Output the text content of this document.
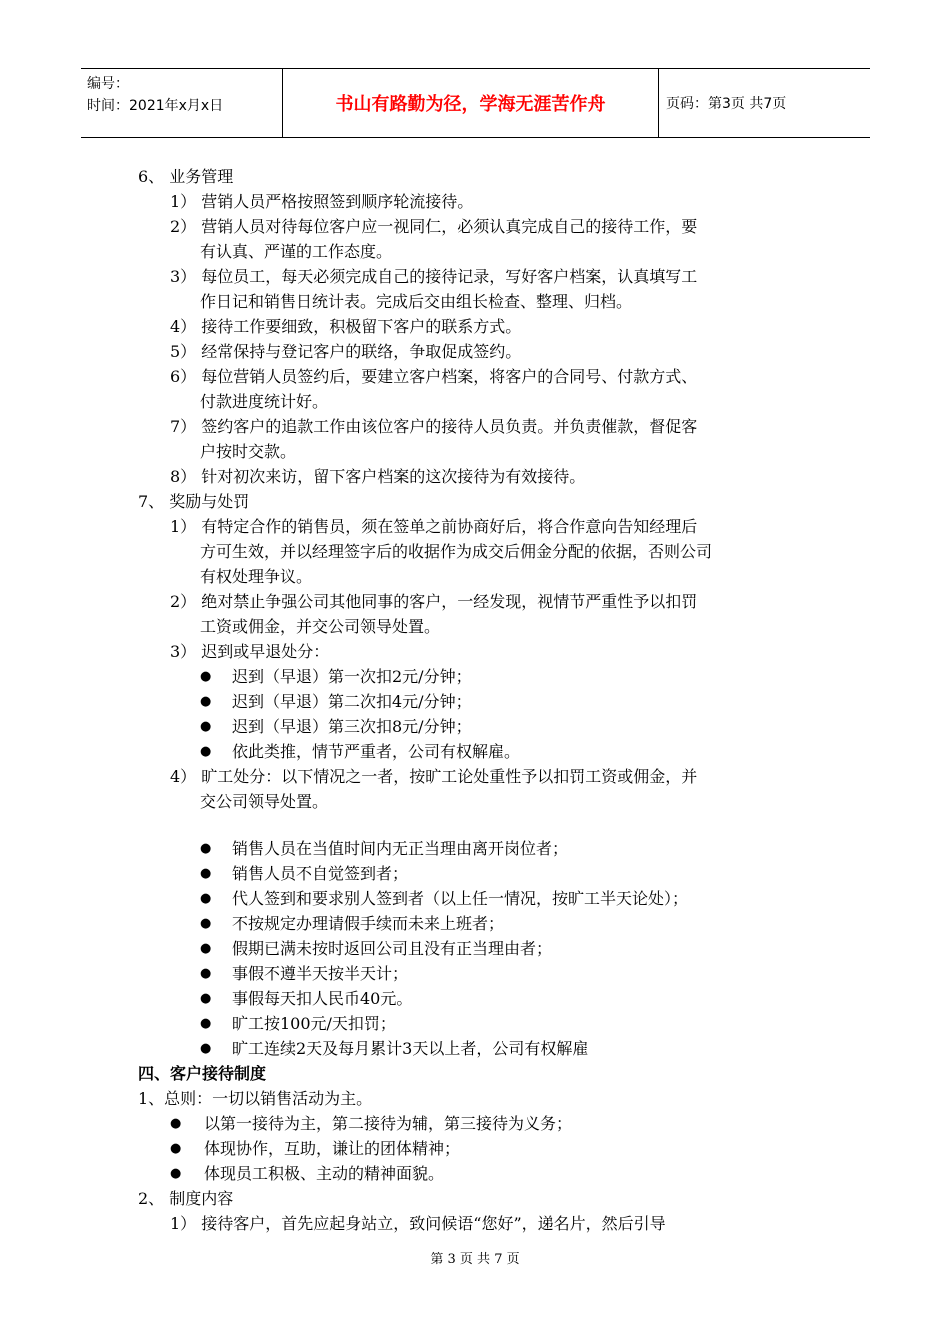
编号：
时间：2021年x月x日	书山有路勤为径，学海无涯苦作舟	页码：第3页 共7页
6、 业务管理
1） 营销人员严格按照签到顺序轮流接待。
2） 营销人员对待每位客户应一视同仁，必须认真完成自己的接待工作，要
有认真、严谨的工作态度。
3） 每位员工，每天必须完成自己的接待记录，写好客户档案，认真填写工
作日记和销售日统计表。完成后交由组长检查、整理、归档。
4） 接待工作要细致，积极留下客户的联系方式。
5） 经常保持与登记客户的联络，争取促成签约。
6） 每位营销人员签约后，要建立客户档案，将客户的合同号、付款方式、
付款进度统计好。
7） 签约客户的追款工作由该位客户的接待人员负责。并负责催款，督促客
户按时交款。
8） 针对初次来访，留下客户档案的这次接待为有效接待。
7、 奖励与处罚
1） 有特定合作的销售员，须在签单之前协商好后，将合作意向告知经理后
方可生效，并以经理签字后的收据作为成交后佣金分配的依据，否则公司
有权处理争议。
2） 绝对禁止争强公司其他同事的客户，一经发现，视情节严重性予以扣罚
工资或佣金，并交公司领导处置。
3） 迟到或早退处分：
● 迟到（早退）第一次扣2元/分钟；
● 迟到（早退）第二次扣4元/分钟；
● 迟到（早退）第三次扣8元/分钟；
● 依此类推，情节严重者，公司有权解雇。
4） 旷工处分：以下情况之一者，按旷工论处重性予以扣罚工资或佣金，并
交公司领导处置。
● 销售人员在当值时间内无正当理由离开岗位者；
● 销售人员不自觉签到者；
● 代人签到和要求别人签到者（以上任一情况，按旷工半天论处）；
● 不按规定办理请假手续而未来上班者；
● 假期已满未按时返回公司且没有正当理由者；
● 事假不遵半天按半天计；
● 事假每天扣人民币40元。
● 旷工按100元/天扣罚；
● 旷工连续2天及每月累计3天以上者，公司有权解雇
四、客户接待制度
1、总则：一切以销售活动为主。
● 以第一接待为主，第二接待为辅，第三接待为义务；
● 体现协作，互助，谦让的团体精神；
● 体现员工积极、主动的精神面貌。
2、 制度内容
1） 接待客户，首先应起身站立，致问候语“您好”，递名片，然后引导
第 3 页 共 7 页
